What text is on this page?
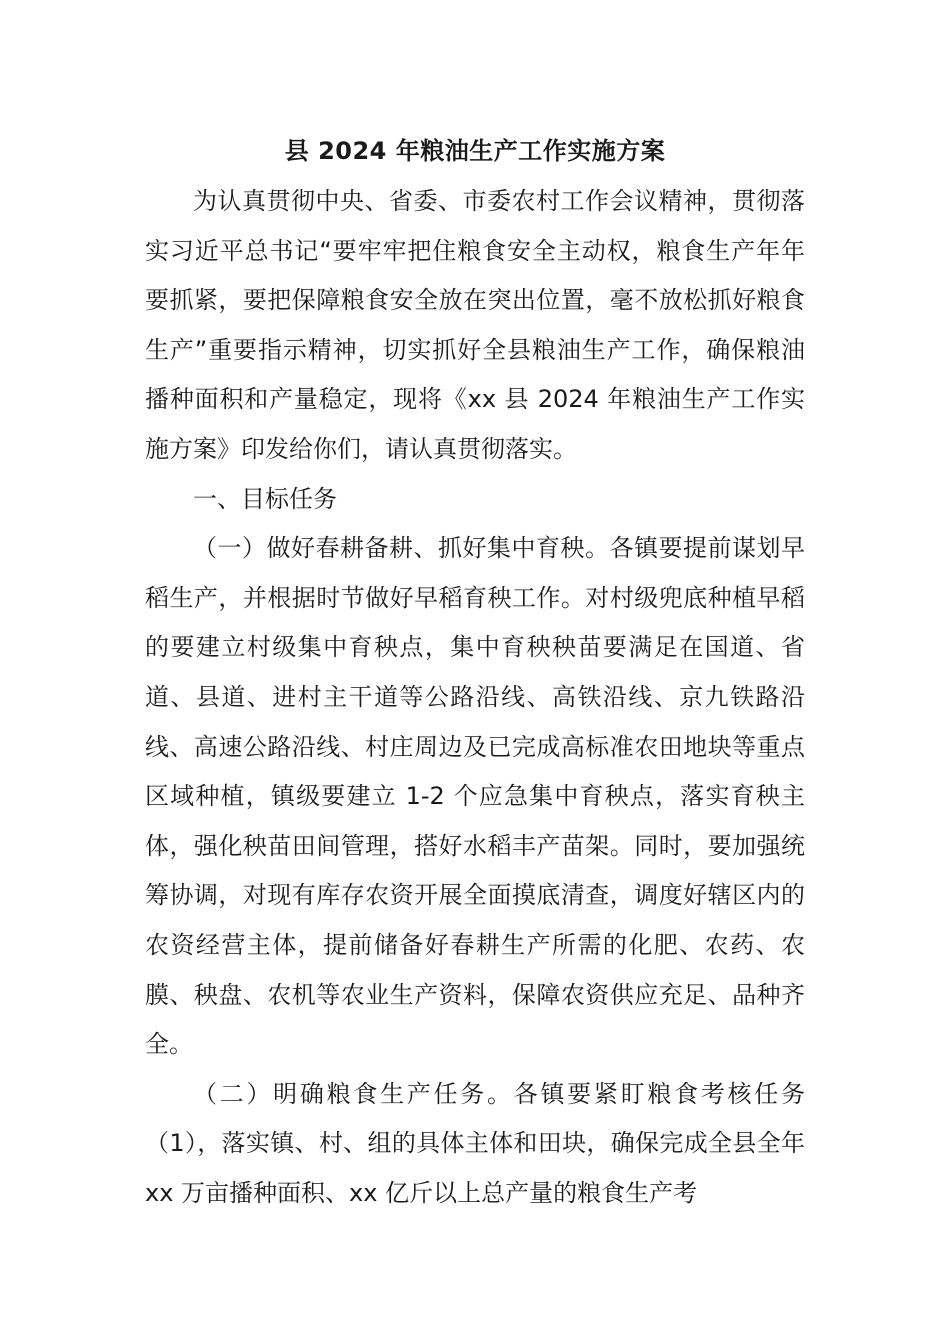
县 2024 年粮油生产工作实施方案

为认真贯彻中央、省委、市委农村工作会议精神，贯彻落实习近平总书记“要牢牢把住粮食安全主动权，粮食生产年年要抓紧，要把保障粮食安全放在突出位置，毫不放松抓好粮食生产”重要指示精神，切实抓好全县粮油生产工作，确保粮油播种面积和产量稳定，现将《xx 县 2024 年粮油生产工作实施方案》印发给你们，请认真贯彻落实。

一、目标任务

（一）做好春耕备耕、抓好集中育秧。各镇要提前谋划早稻生产，并根据时节做好早稻育秧工作。对村级兜底种植早稻的要建立村级集中育秧点，集中育秧秧苗要满足在国道、省道、县道、进村主干道等公路沿线、高铁沿线、京九铁路沿线、高速公路沿线、村庄周边及已完成高标准农田地块等重点区域种植，镇级要建立 1-2 个应急集中育秧点，落实育秧主体，强化秧苗田间管理，搭好水稻丰产苗架。同时，要加强统筹协调，对现有库存农资开展全面摸底清查，调度好辖区内的农资经营主体，提前储备好春耕生产所需的化肥、农药、农膜、秧盘、农机等农业生产资料，保障农资供应充足、品种齐全。

（二）明确粮食生产任务。各镇要紧盯粮食考核任务（1），落实镇、村、组的具体主体和田块，确保完成全县全年 xx 万亩播种面积、xx 亿斤以上总产量的粮食生产考
